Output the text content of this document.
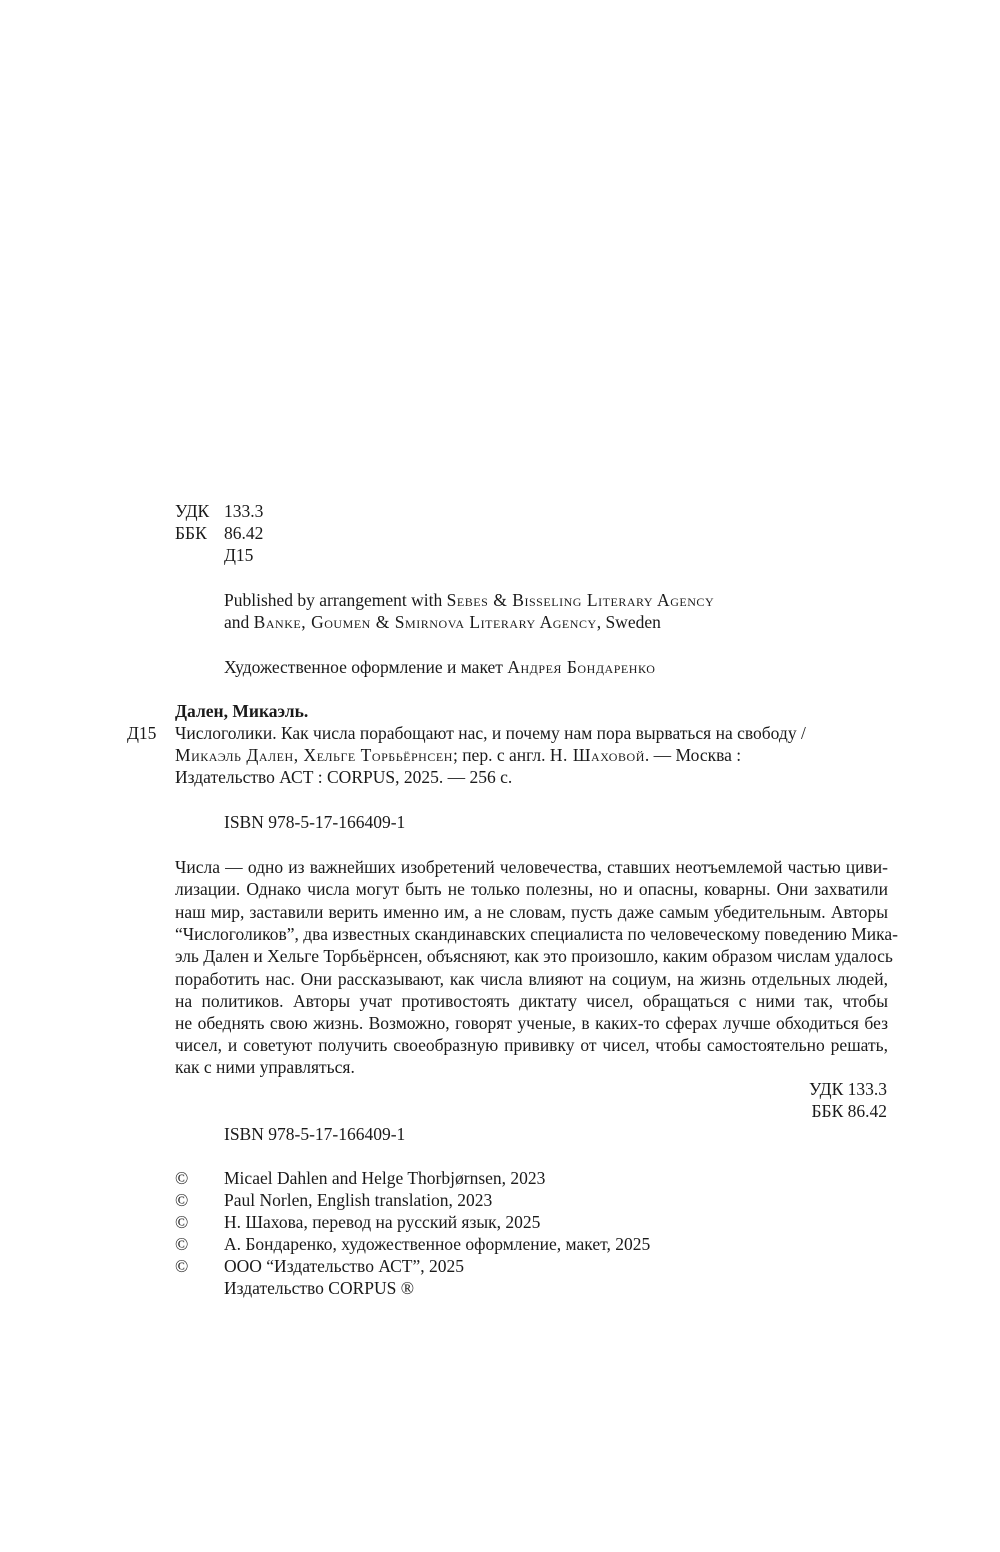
УДК 133.3
ББК 86.42
Д15
Published by arrangement with Sebes & Bisseling Literary Agency
and Banke, Goumen & Smirnova Literary Agency, Sweden
Художественное оформление и макет Андрея Бондаренко
Дален, Микаэль.
Д15 Числоголики. Как числа порабощают нас, и почему нам пора вырваться на свободу /
Микаэль Дален, Хельге Торбьёрнсен; пер. с англ. Н. Шаховой. — Москва :
Издательство АСТ : CORPUS, 2025. — 256 с.
ISBN 978-5-17-166409-1
Числа — одно из важнейших изобретений человечества, ставших неотъемлемой частью циви-
лизации. Однако числа могут быть не только полезны, но и опасны, коварны. Они захватили
наш мир, заставили верить именно им, а не словам, пусть даже самым убедительным. Авторы
“Числоголиков”, два известных скандинавских специалиста по человеческому поведению Мика-
эль Дален и Хельге Торбьёрнсен, объясняют, как это произошло, каким образом числам удалось
поработить нас. Они рассказывают, как числа влияют на социум, на жизнь отдельных людей,
на политиков. Авторы учат противостоять диктату чисел, обращаться с ними так, чтобы
не обеднять свою жизнь. Возможно, говорят ученые, в каких-то сферах лучше обходиться без
чисел, и советуют получить своеобразную прививку от чисел, чтобы самостоятельно решать,
как с ними управляться.
УДК 133.3
ББК 86.42
ISBN 978-5-17-166409-1
© Micael Dahlen and Helge Thorbjørnsen, 2023
© Paul Norlen, English translation, 2023
© Н. Шахова, перевод на русский язык, 2025
© А. Бондаренко, художественное оформление, макет, 2025
© ООО “Издательство АСТ”, 2025
Издательство CORPUS ®
